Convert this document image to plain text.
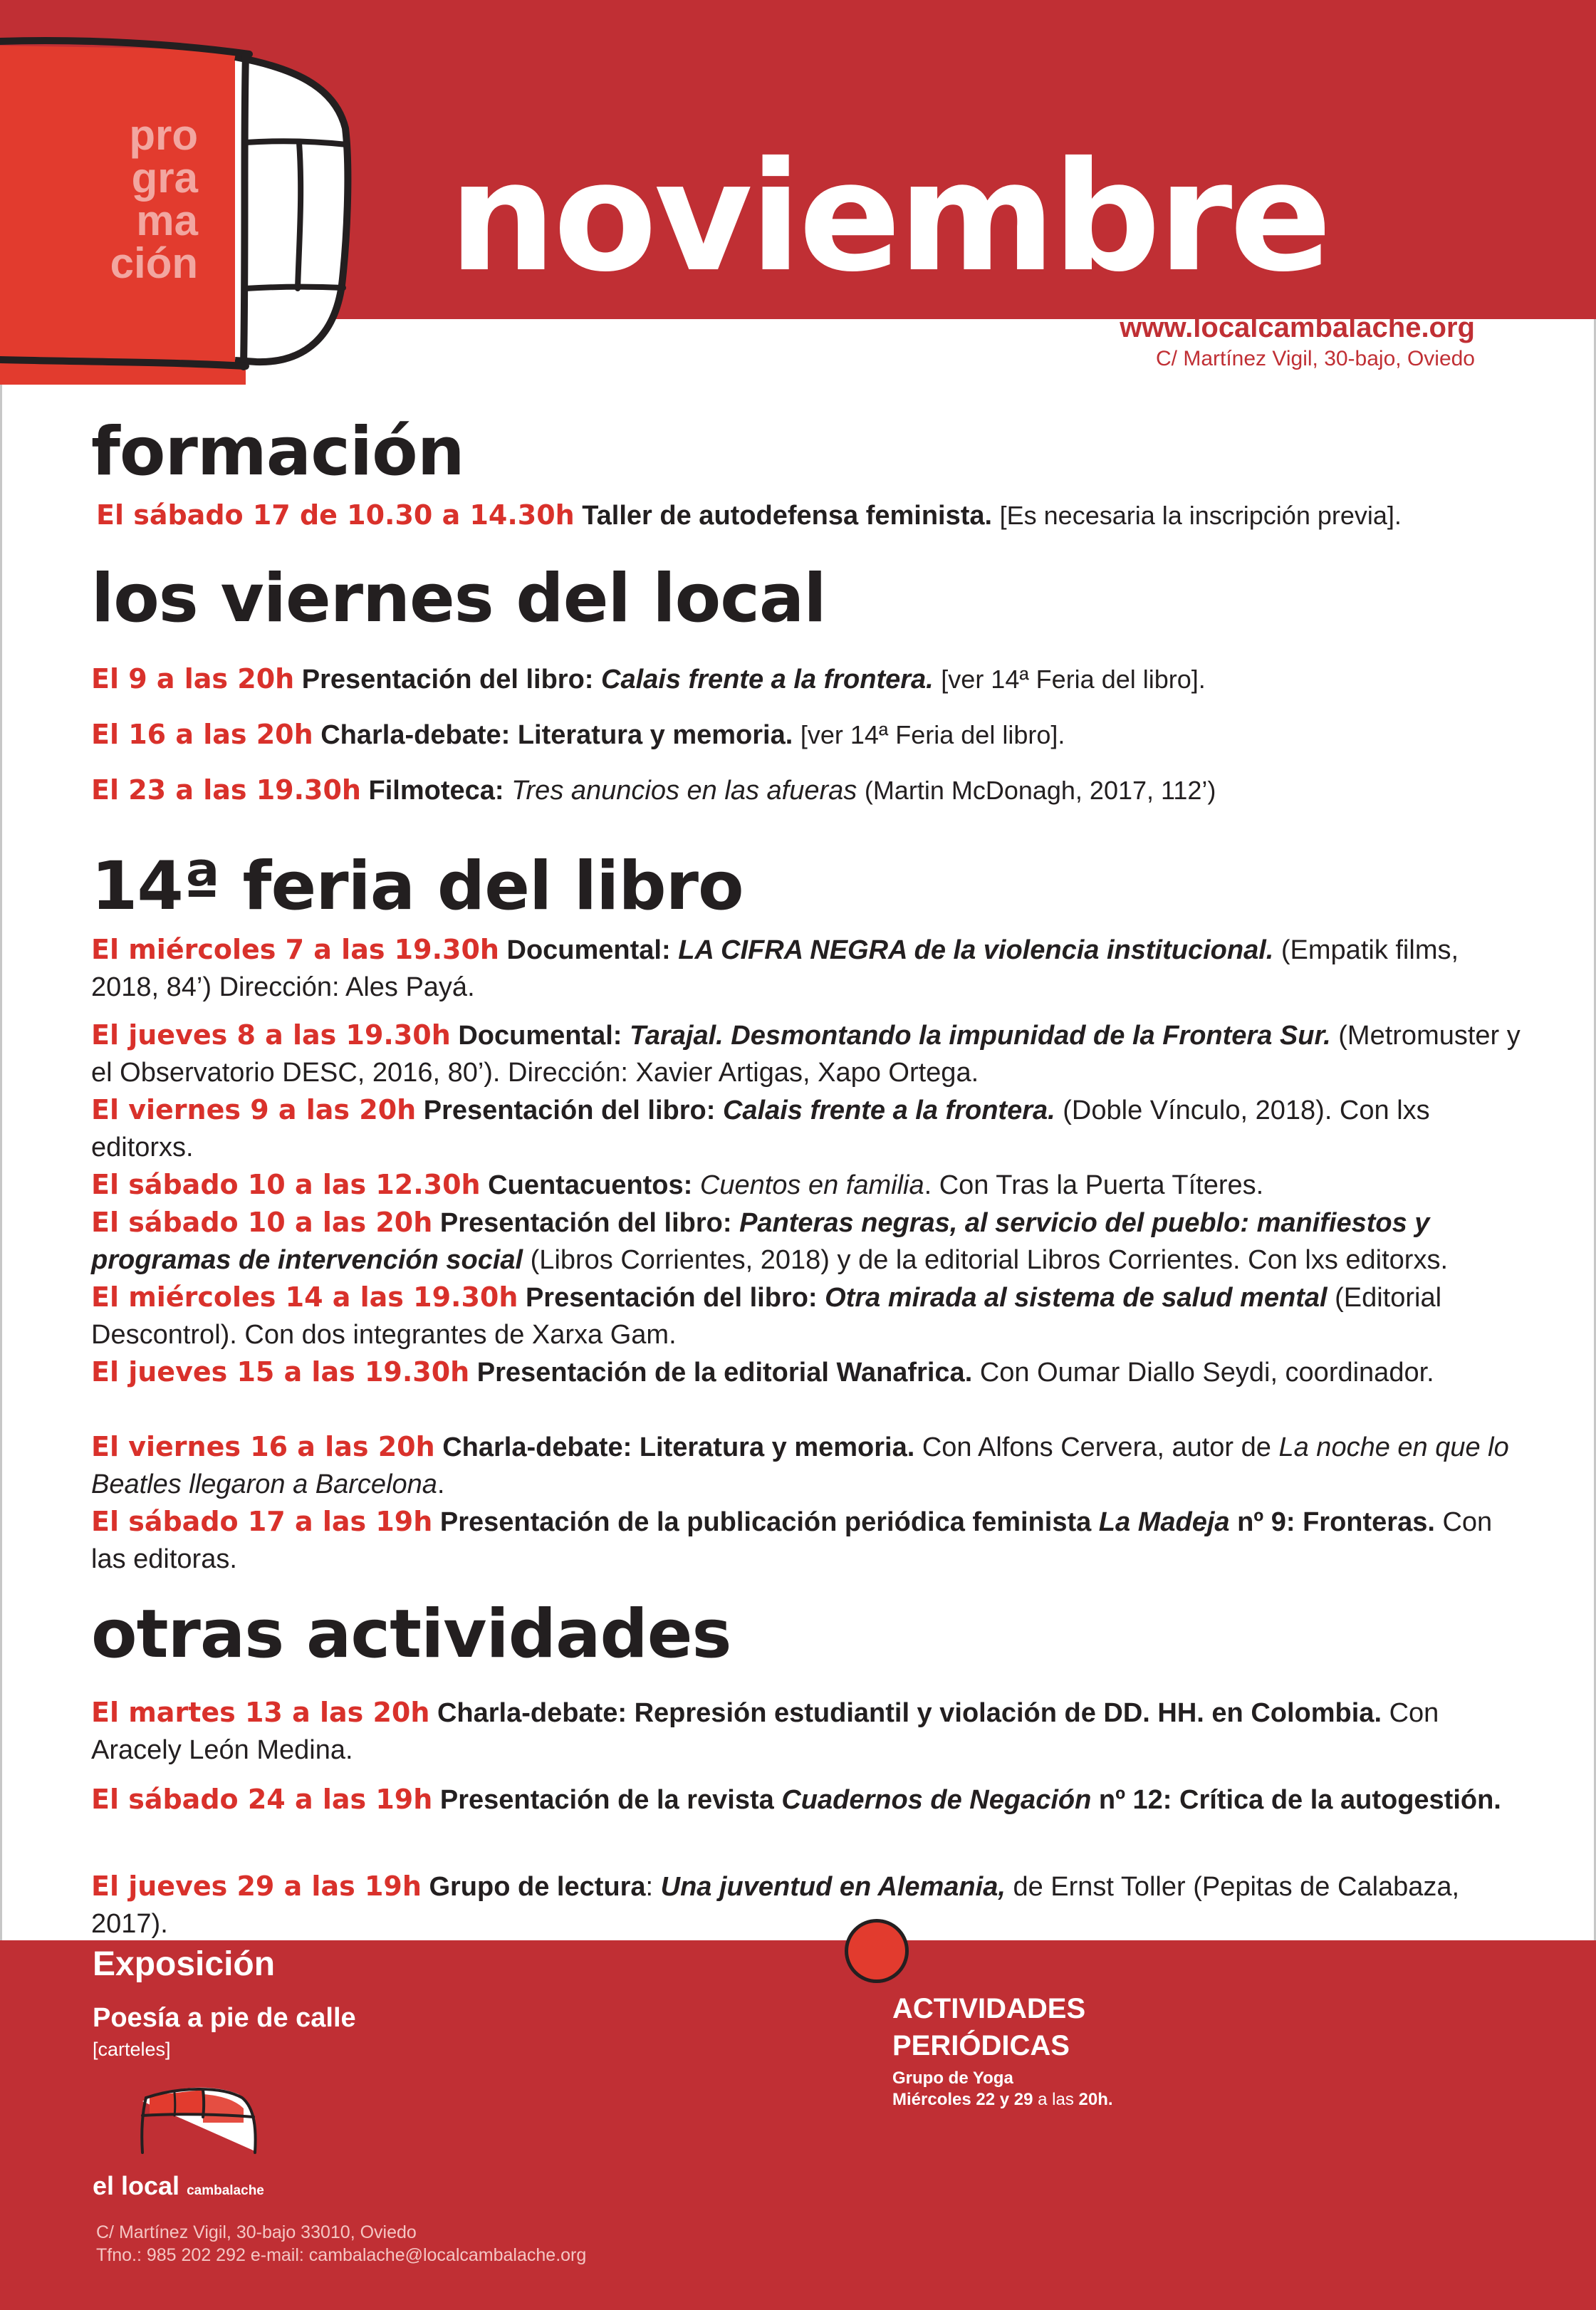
pro
gra
ma
ción noviembre
www.localcambalache.org
C/ Martínez Vigil, 30-bajo, Oviedo
formación
El sábado 17 de 10.30 a 14.30h Taller de autodefensa feminista. [Es necesaria la inscripción previa].
los viernes del local
El 9 a las 20h Presentación del libro: Calais frente a la frontera. [ver 14ª Feria del libro].
El 16 a las 20h Charla-debate: Literatura y memoria. [ver 14ª Feria del libro].
El 23 a las 19.30h Filmoteca: Tres anuncios en las afueras (Martin McDonagh, 2017, 112’)
14ª feria del libro
El miércoles 7 a las 19.30h Documental: LA CIFRA NEGRA de la violencia institucional. (Empatik films, 2018, 84’) Dirección: Ales Payá.
El jueves 8 a las 19.30h Documental: Tarajal. Desmontando la impunidad de la Frontera Sur. (Metromuster y el Observatorio DESC, 2016, 80’). Dirección: Xavier Artigas, Xapo Ortega.
El viernes 9 a las 20h Presentación del libro: Calais frente a la frontera. (Doble Vínculo, 2018). Con lxs editorxs.
El sábado 10 a las 12.30h Cuentacuentos: Cuentos en familia. Con Tras la Puerta Títeres.
El sábado 10 a las 20h Presentación del libro: Panteras negras, al servicio del pueblo: manifiestos y programas de intervención social (Libros Corrientes, 2018) y de la editorial Libros Corrientes. Con lxs editorxs.
El miércoles 14 a las 19.30h Presentación del libro: Otra mirada al sistema de salud mental (Editorial Descontrol). Con dos integrantes de Xarxa Gam.
El jueves 15 a las 19.30h Presentación de la editorial Wanafrica. Con Oumar Diallo Seydi, coordinador.
El viernes 16 a las 20h Charla-debate: Literatura y memoria. Con Alfons Cervera, autor de La noche en que lo Beatles llegaron a Barcelona.
El sábado 17 a las 19h Presentación de la publicación periódica feminista La Madeja nº 9: Fronteras. Con las editoras.
otras actividades
El martes 13 a las 20h Charla-debate: Represión estudiantil y violación de DD. HH. en Colombia. Con Aracely León Medina.
El sábado 24 a las 19h Presentación de la revista Cuadernos de Negación nº 12: Crítica de la autogestión.
El jueves 29 a las 19h Grupo de lectura: Una juventud en Alemania, de Ernst Toller (Pepitas de Calabaza, 2017).
Exposición
Poesía a pie de calle
[carteles]
el local cambalache
C/ Martínez Vigil, 30-bajo 33010, Oviedo
Tfno.: 985 202 292 e-mail: cambalache@localcambalache.org
ACTIVIDADES
PERIÓDICAS
Grupo de Yoga
Miércoles 22 y 29 a las 20h.
